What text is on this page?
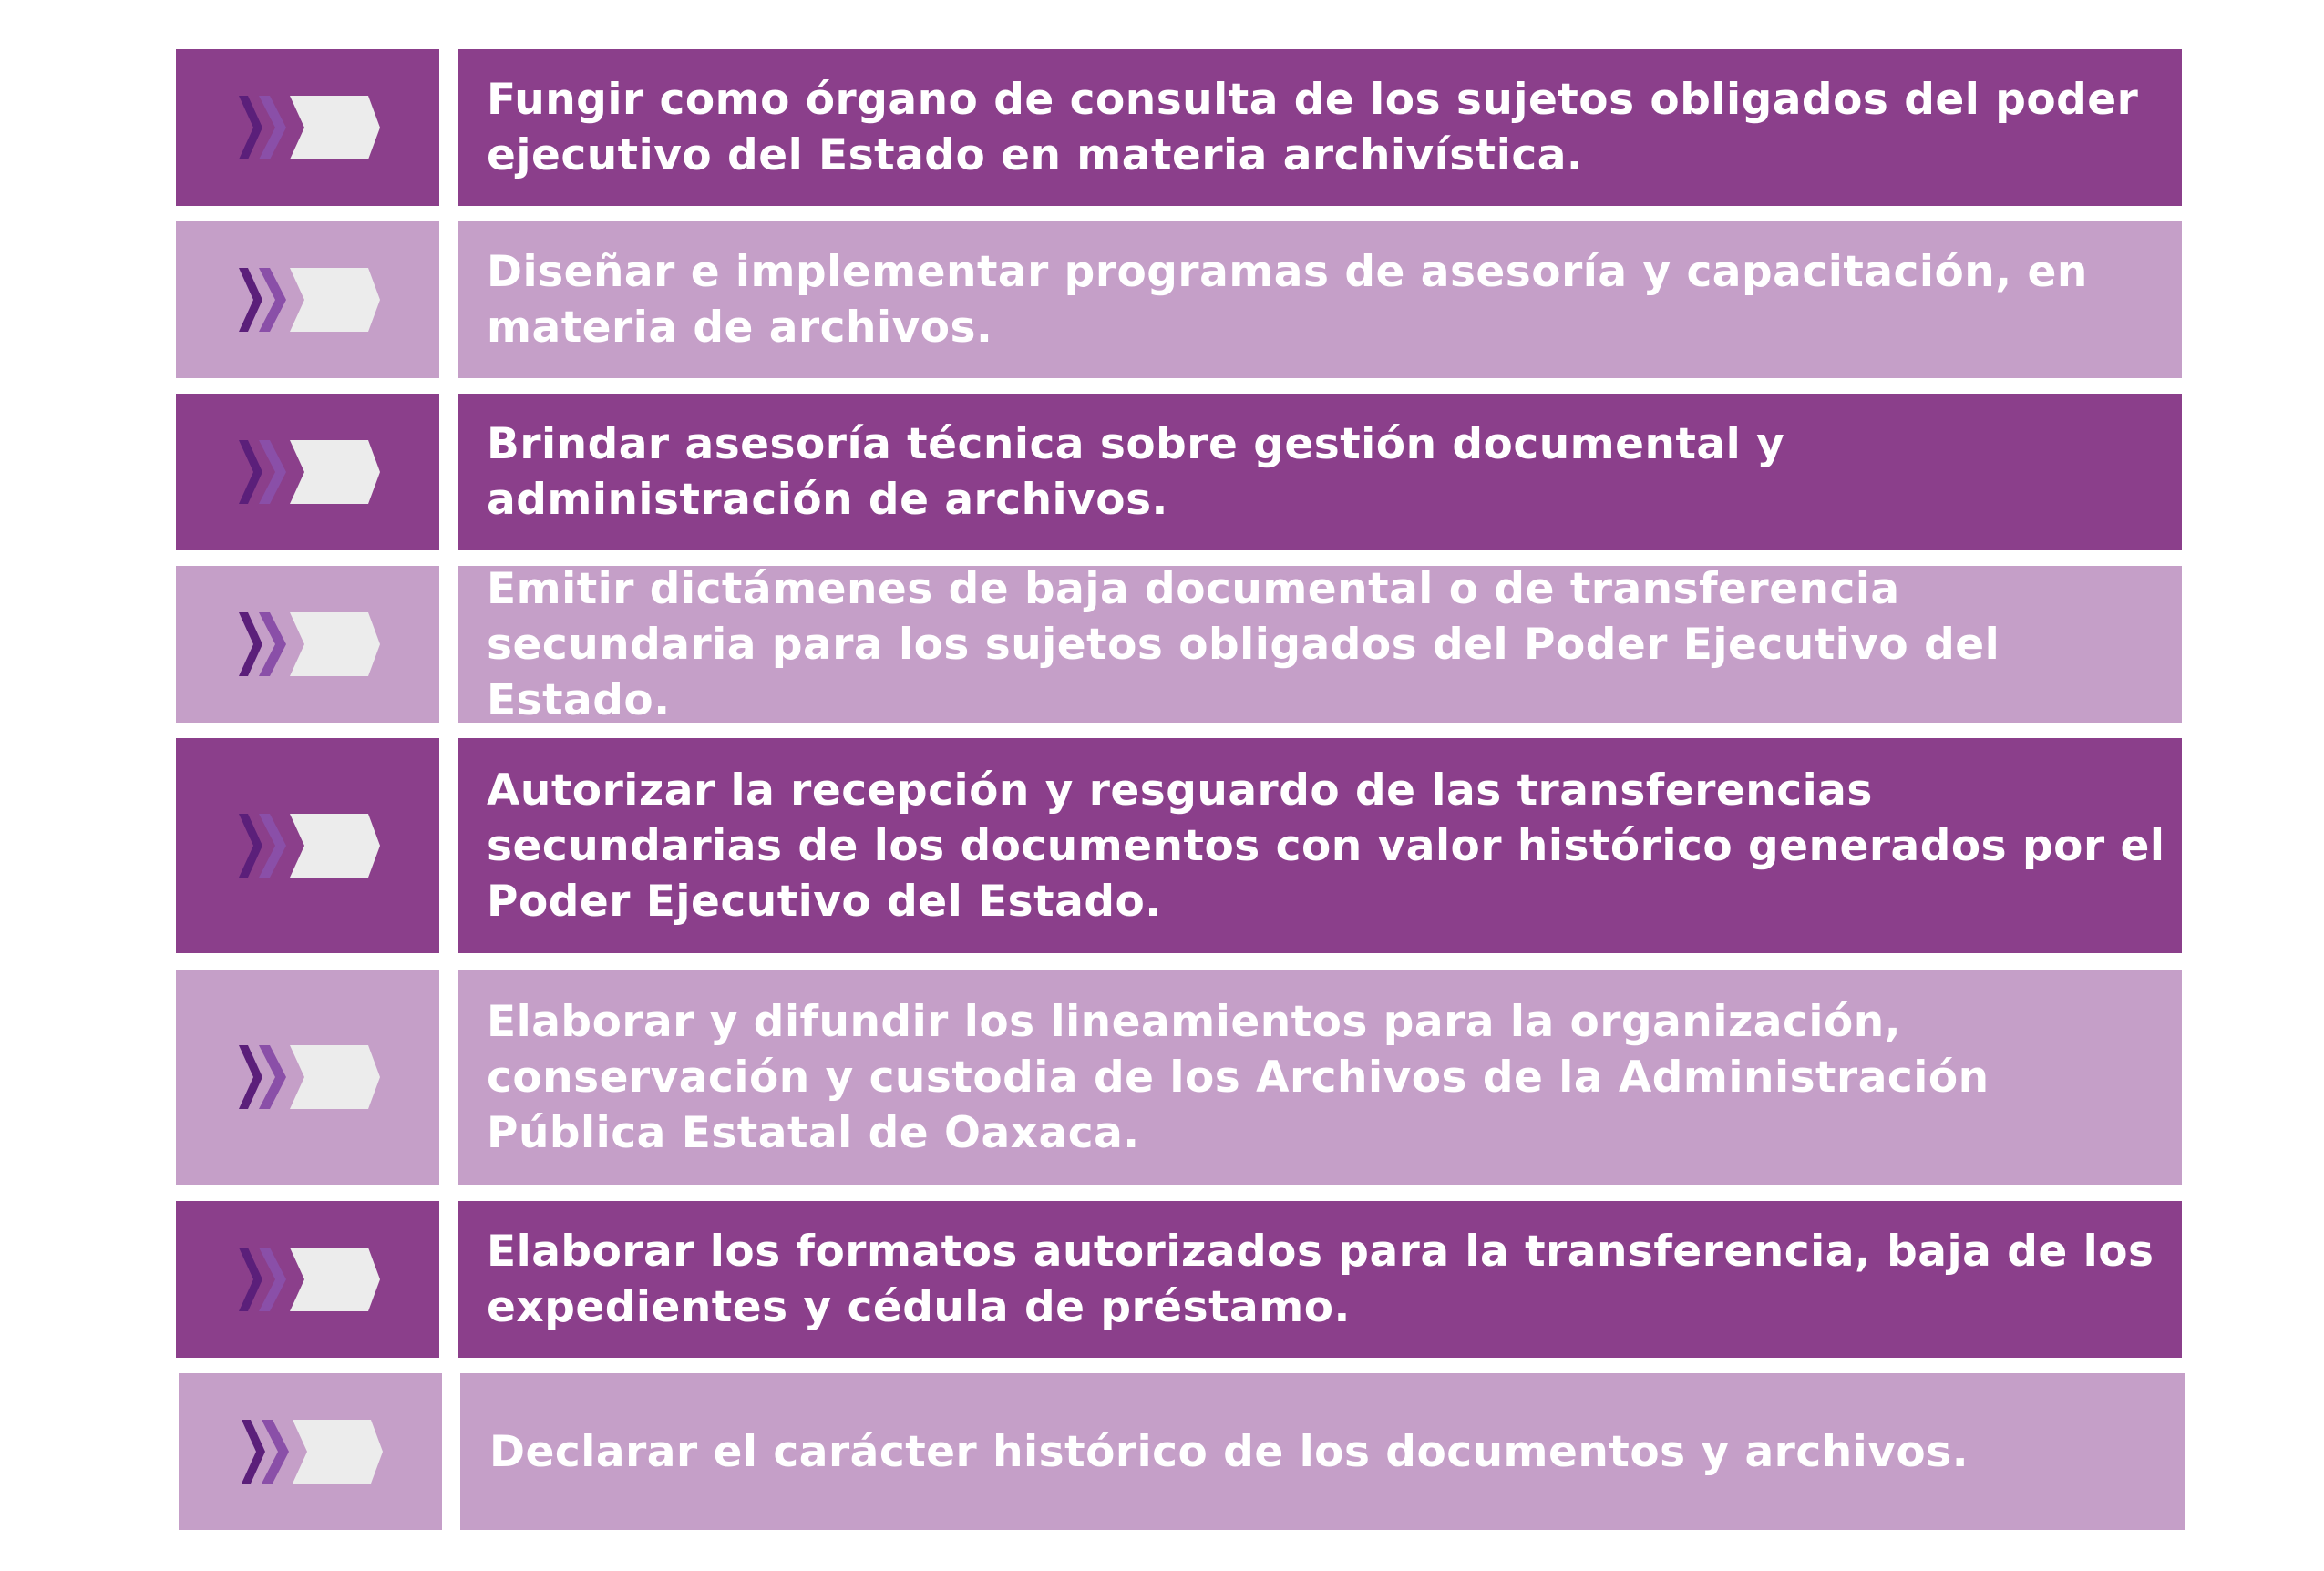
Fungir como órgano de consulta de los sujetos obligados del poder ejecutivo del Estado en materia archivística.
Diseñar e implementar programas de asesoría y capacitación, en materia de archivos.
Brindar asesoría técnica sobre gestión documental y administración de archivos.
Emitir dictámenes de baja documental o de transferencia secundaria para los sujetos obligados del Poder Ejecutivo del Estado.
Autorizar la recepción y resguardo de las transferencias secundarias de los documentos con valor histórico generados por el Poder Ejecutivo del Estado.
Elaborar y difundir los lineamientos para la organización, conservación y custodia de los Archivos de la Administración Pública Estatal de Oaxaca.
Elaborar los formatos autorizados para la transferencia, baja de los expedientes y cédula de préstamo.
Declarar el carácter histórico de los documentos y archivos.
